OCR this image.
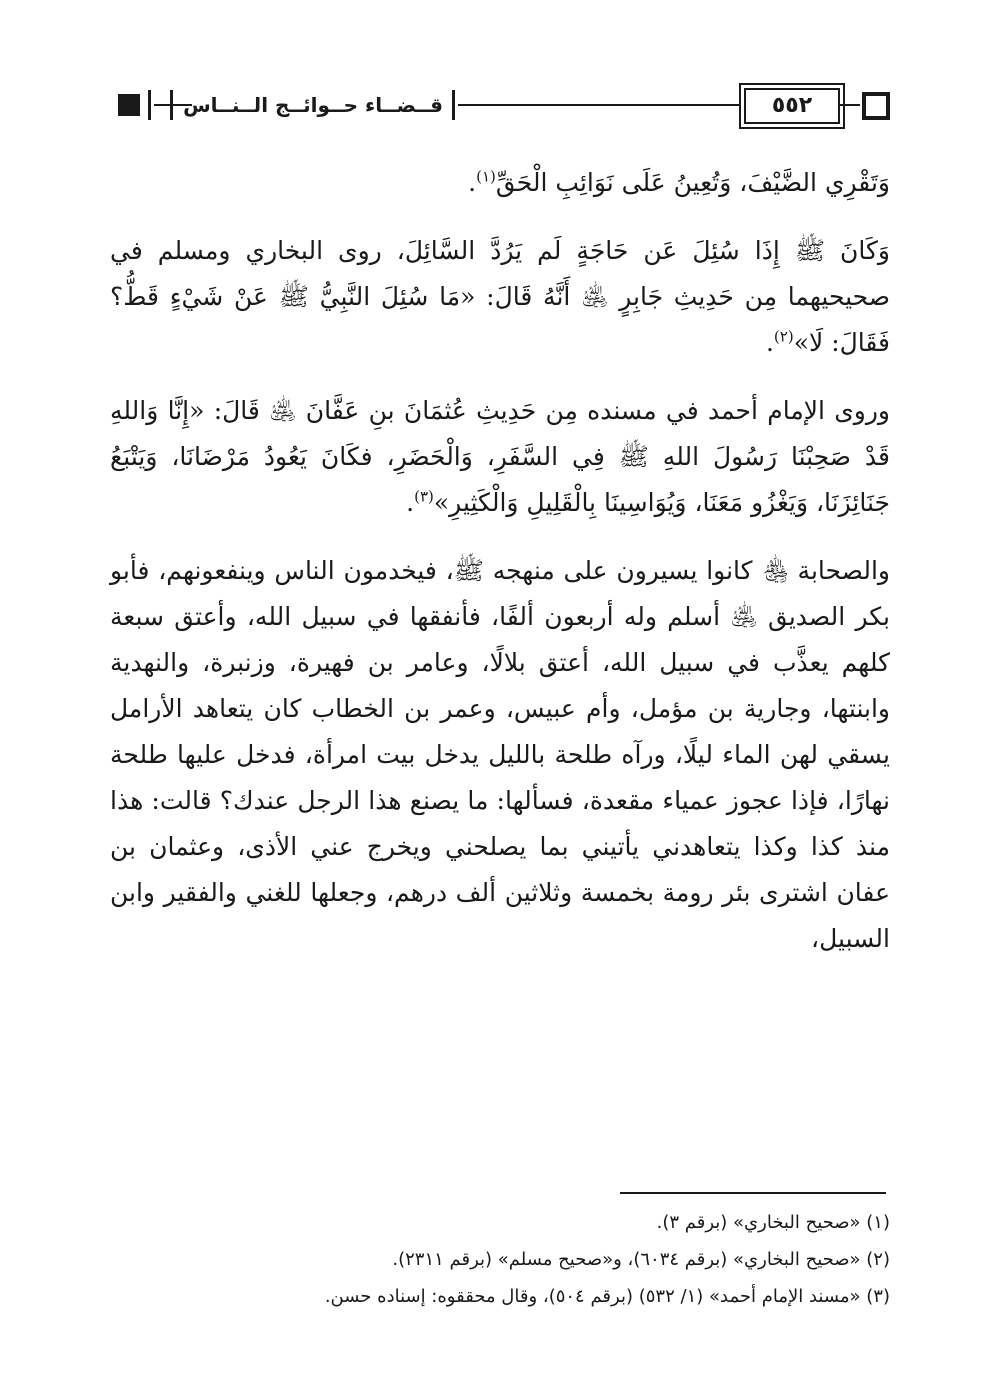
قــضــاء حــوائــج الــنــاس	٥٥٢

وَتَقْرِي الضَّيْفَ، وَتُعِينُ عَلَى نَوَائِبِ الْحَقِّ$^{(١)}$.

وَكَانَ ﷺ إِذَا سُئِلَ عَن حَاجَةٍ لَم يَرُدَّ السَّائِلَ، روى البخاري ومسلم في صحيحيهما مِن حَدِيثِ جَابِرٍ ﵁ أَنَّهُ قَالَ: «مَا سُئِلَ النَّبِيُّ ﷺ عَنْ شَيْءٍ قَطُّ؟ فَقَالَ: لَا»$^{(٢)}$.

وروى الإمام أحمد في مسنده مِن حَدِيثِ عُثمَانَ بنِ عَفَّانَ ﵁ قَالَ: «إِنَّا وَاللهِ قَدْ صَحِبْنَا رَسُولَ اللهِ ﷺ فِي السَّفَرِ، وَالْحَضَرِ، فكَانَ يَعُودُ مَرْضَانَا، وَيَتْبَعُ جَنَائِزَنَا، وَيَغْزُو مَعَنَا، وَيُوَاسِينَا بِالْقَلِيلِ وَالْكَثِيرِ»$^{(٣)}$.

والصحابة ﵃ كانوا يسيرون على منهجه ﷺ، فيخدمون الناس وينفعونهم، فأبو بكر الصديق ﵁ أسلم وله أربعون ألفًا، فأنفقها في سبيل الله، وأعتق سبعة كلهم يعذَّب في سبيل الله، أعتق بلالًا، وعامر بن فهيرة، وزنبرة، والنهدية وابنتها، وجارية بن مؤمل، وأم عبيس، وعمر بن الخطاب كان يتعاهد الأرامل يسقي لهن الماء ليلًا، ورآه طلحة بالليل يدخل بيت امرأة، فدخل عليها طلحة نهارًا، فإذا عجوز عمياء مقعدة، فسألها: ما يصنع هذا الرجل عندك؟ قالت: هذا منذ كذا وكذا يتعاهدني يأتيني بما يصلحني ويخرج عني الأذى، وعثمان بن عفان اشترى بئر رومة بخمسة وثلاثين ألف درهم، وجعلها للغني والفقير وابن السبيل،

(١) «صحيح البخاري» (برقم ٣).

(٢) «صحيح البخاري» (برقم ٦٠٣٤)، و«صحيح مسلم» (برقم ٢٣١١).

(٣) «مسند الإمام أحمد» (١/ ٥٣٢) (برقم ٥٠٤)، وقال محققوه: إسناده حسن.
